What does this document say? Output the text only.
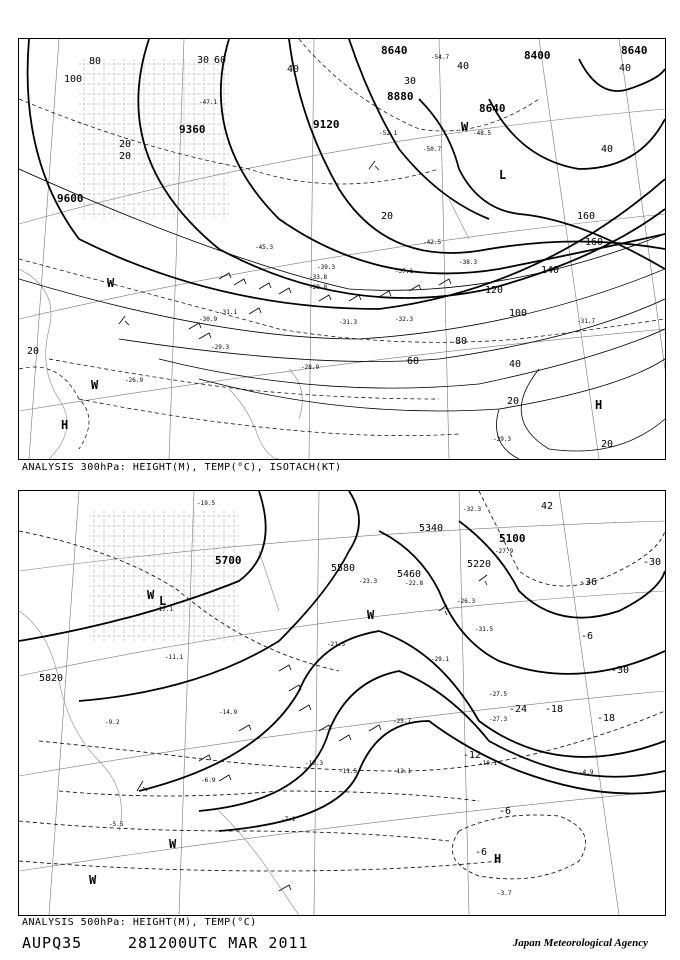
9600
9360	9120
8880
8640
8640
8640
8400
100
80	60
40
20
20
40
40
40
60
80
100
120
140
160
160
20
20
20
30
30
20
40
-54.7
-52.1
-50.7
-48.5
-47.1
-45.3
-42.5
-39.3
-38.3
-37.1
-33.8
-32.3	-31.7
-31.3
-31.1
-30.9
-29.8
-29.3
-28.9
-26.9
-29.3
H
H
W
W
L
W
ANALYSIS 300hPa: HEIGHT(M), TEMP(°C), ISOTACH(KT)
5820
5700
5580
5460
5340
5220
5100
42
-36
-30
-30
-24 -18
-12
-6
-6
-6
-18
-32.3
-31.5
-29.1
-27.9
-27.5
-27.3
-26.3
-25.7
-23.3	-22.8
-21.5
-19.5
-17.1
-14.9
-13.3
-12.1
-11.5
-11.1
-10.1
-9.2
-7.1
-6.9
-5.5
-4.9
-3.7
L
W
W
W
W
H
ANALYSIS 500hPa: HEIGHT(M), TEMP(°C)
AUPQ35	281200UTC MAR 2011	Japan Meteorological Agency
